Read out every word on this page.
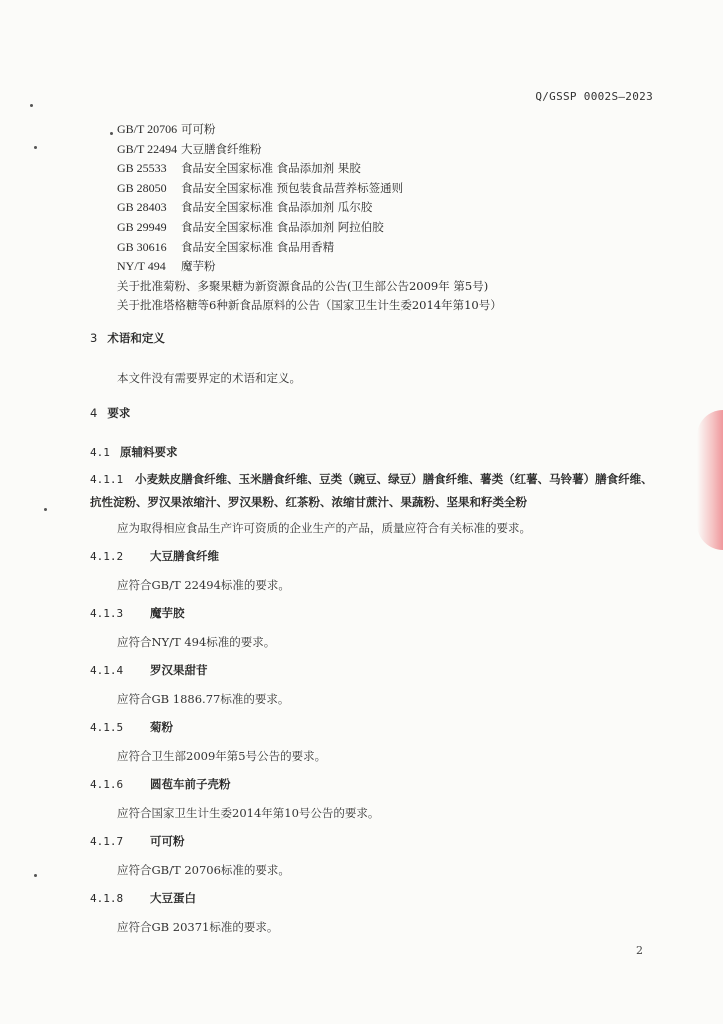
Q/GSSP 0002S—2023
GB/T 20706 可可粉
GB/T 22494 大豆膳食纤维粉
GB 25533 食品安全国家标准 食品添加剂 果胶
GB 28050 食品安全国家标准 预包装食品营养标签通则
GB 28403 食品安全国家标准 食品添加剂 瓜尔胶
GB 29949 食品安全国家标准 食品添加剂 阿拉伯胶
GB 30616 食品安全国家标准 食品用香精
NY/T 494 魔芋粉
关于批准菊粉、多聚果糖为新资源食品的公告(卫生部公告2009年 第5号)
关于批准塔格糖等6种新食品原料的公告（国家卫生计生委2014年第10号）
3 术语和定义
本文件没有需要界定的术语和定义。
4 要求
4.1 原辅料要求
4.1.1 小麦麸皮膳食纤维、玉米膳食纤维、豆类（豌豆、绿豆）膳食纤维、薯类（红薯、马铃薯）膳食纤维、抗性淀粉、罗汉果浓缩汁、罗汉果粉、红茶粉、浓缩甘蔗汁、果蔬粉、坚果和籽类全粉
应为取得相应食品生产许可资质的企业生产的产品，质量应符合有关标准的要求。
4.1.2 大豆膳食纤维
应符合GB/T 22494标准的要求。
4.1.3 魔芋胶
应符合NY/T 494标准的要求。
4.1.4 罗汉果甜苷
应符合GB 1886.77标准的要求。
4.1.5 菊粉
应符合卫生部2009年第5号公告的要求。
4.1.6 圆苞车前子壳粉
应符合国家卫生计生委2014年第10号公告的要求。
4.1.7 可可粉
应符合GB/T 20706标准的要求。
4.1.8 大豆蛋白
应符合GB 20371标准的要求。
2
